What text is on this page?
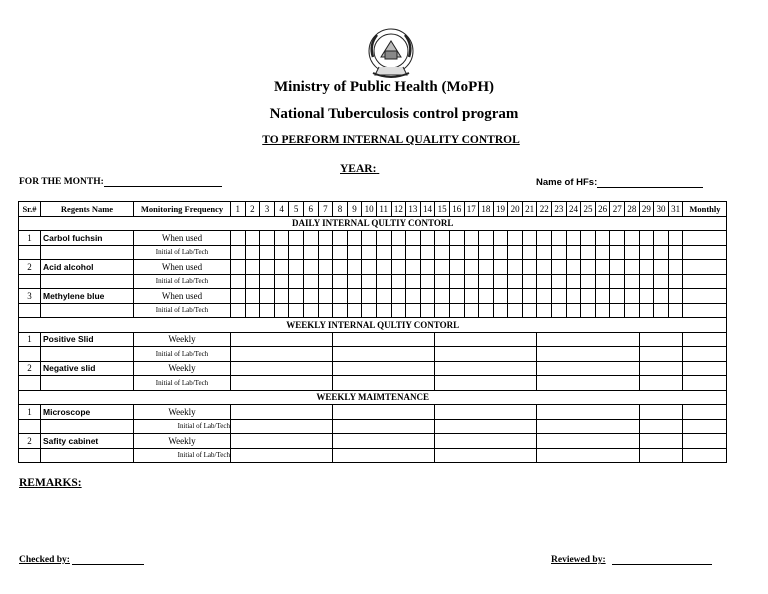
Ministry of Public Health (MoPH)
National Tuberculosis control program
TO PERFORM INTERNAL QUALITY CONTROL
YEAR:
FOR THE MONTH:	Name of HFs:
Sr.#	Regents Name	Monitoring Frequency	1	2	3	4	5	6	7	8	9	10	11	12	13	14	15	16	17	18	19	20	21	22	23	24	25	26	27	28	29	30	31	Monthly
DAILY INTERNAL QULTIY CONTORL																																		
1	Carbol fuchsin	When used																																
		Initial of Lab/Tech																																
2	Acid alcohol	When used																																
		Initial of Lab/Tech																																
3	Methylene blue	When used																																
		Initial of Lab/Tech																																
WEEKLY INTERNAL QULTIY CONTORL																																		
1	Positive Slid	Weekly																																
		Initial of Lab/Tech																																
2	Negative slid	Weekly																																
		Initial of Lab/Tech																																
WEEKLY MAIMTENANCE																																		
1	Microscope	Weekly																																
		Initial of Lab/Tech																																
2	Safity cabinet	Weekly																																
		Initial of Lab/Tech																																
REMARKS:
Checked by:	Reviewed by:
